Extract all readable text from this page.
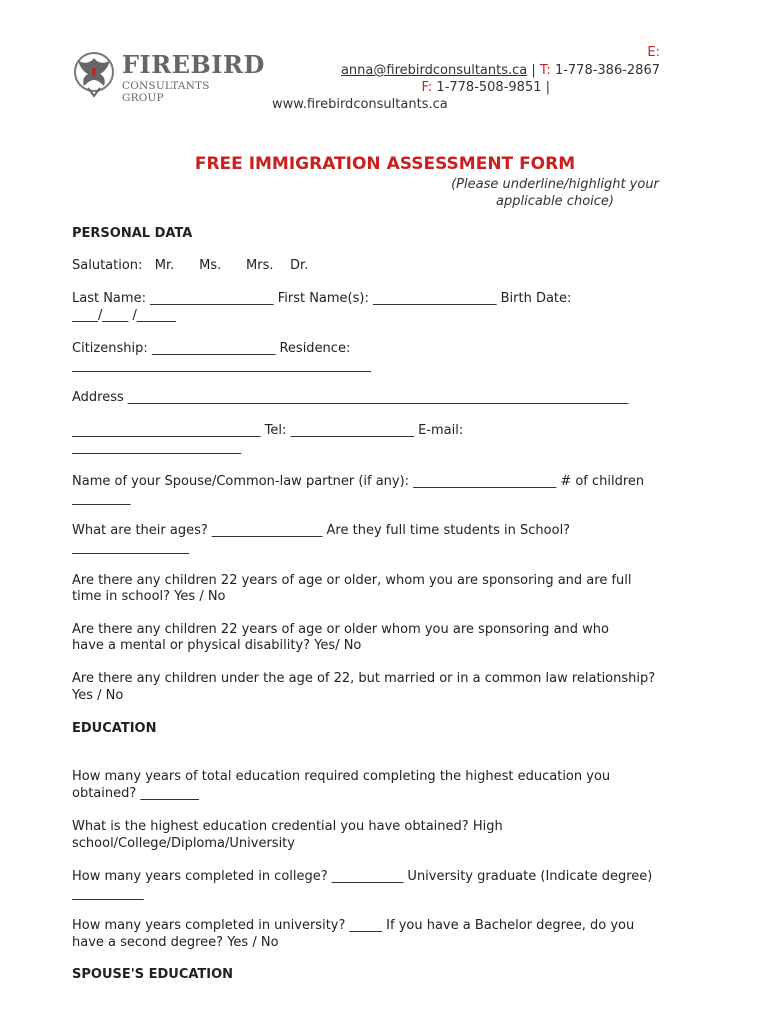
FIREBIRD
CONSULTANTS GROUP
E:
anna@firebirdconsultants.ca | T: 1-778-386-2867
F: 1-778-508-9851 |
www.firebirdconsultants.ca
FREE IMMIGRATION ASSESSMENT FORM
(Please underline/highlight your
applicable choice)
PERSONAL DATA
Salutation:   Mr.      Ms.      Mrs.    Dr.
Last Name: ___________________ First Name(s): ___________________ Birth Date:
____/____ /______
Citizenship: ___________________ Residence:
______________________________________________
Address _____________________________________________________________________________
_____________________________ Tel: ___________________ E-mail:
__________________________
Name of your Spouse/Common-law partner (if any): ______________________ # of children
_________
What are their ages? _________________ Are they full time students in School?
__________________
Are there any children 22 years of age or older, whom you are sponsoring and are full
time in school? Yes / No
Are there any children 22 years of age or older whom you are sponsoring and who
have a mental or physical disability? Yes/ No
Are there any children under the age of 22, but married or in a common law relationship?
Yes / No
EDUCATION
How many years of total education required completing the highest education you
obtained? _________
What is the highest education credential you have obtained? High
school/College/Diploma/University
How many years completed in college? ___________ University graduate (Indicate degree)
___________
How many years completed in university? _____ If you have a Bachelor degree, do you
have a second degree? Yes / No
SPOUSE'S EDUCATION
